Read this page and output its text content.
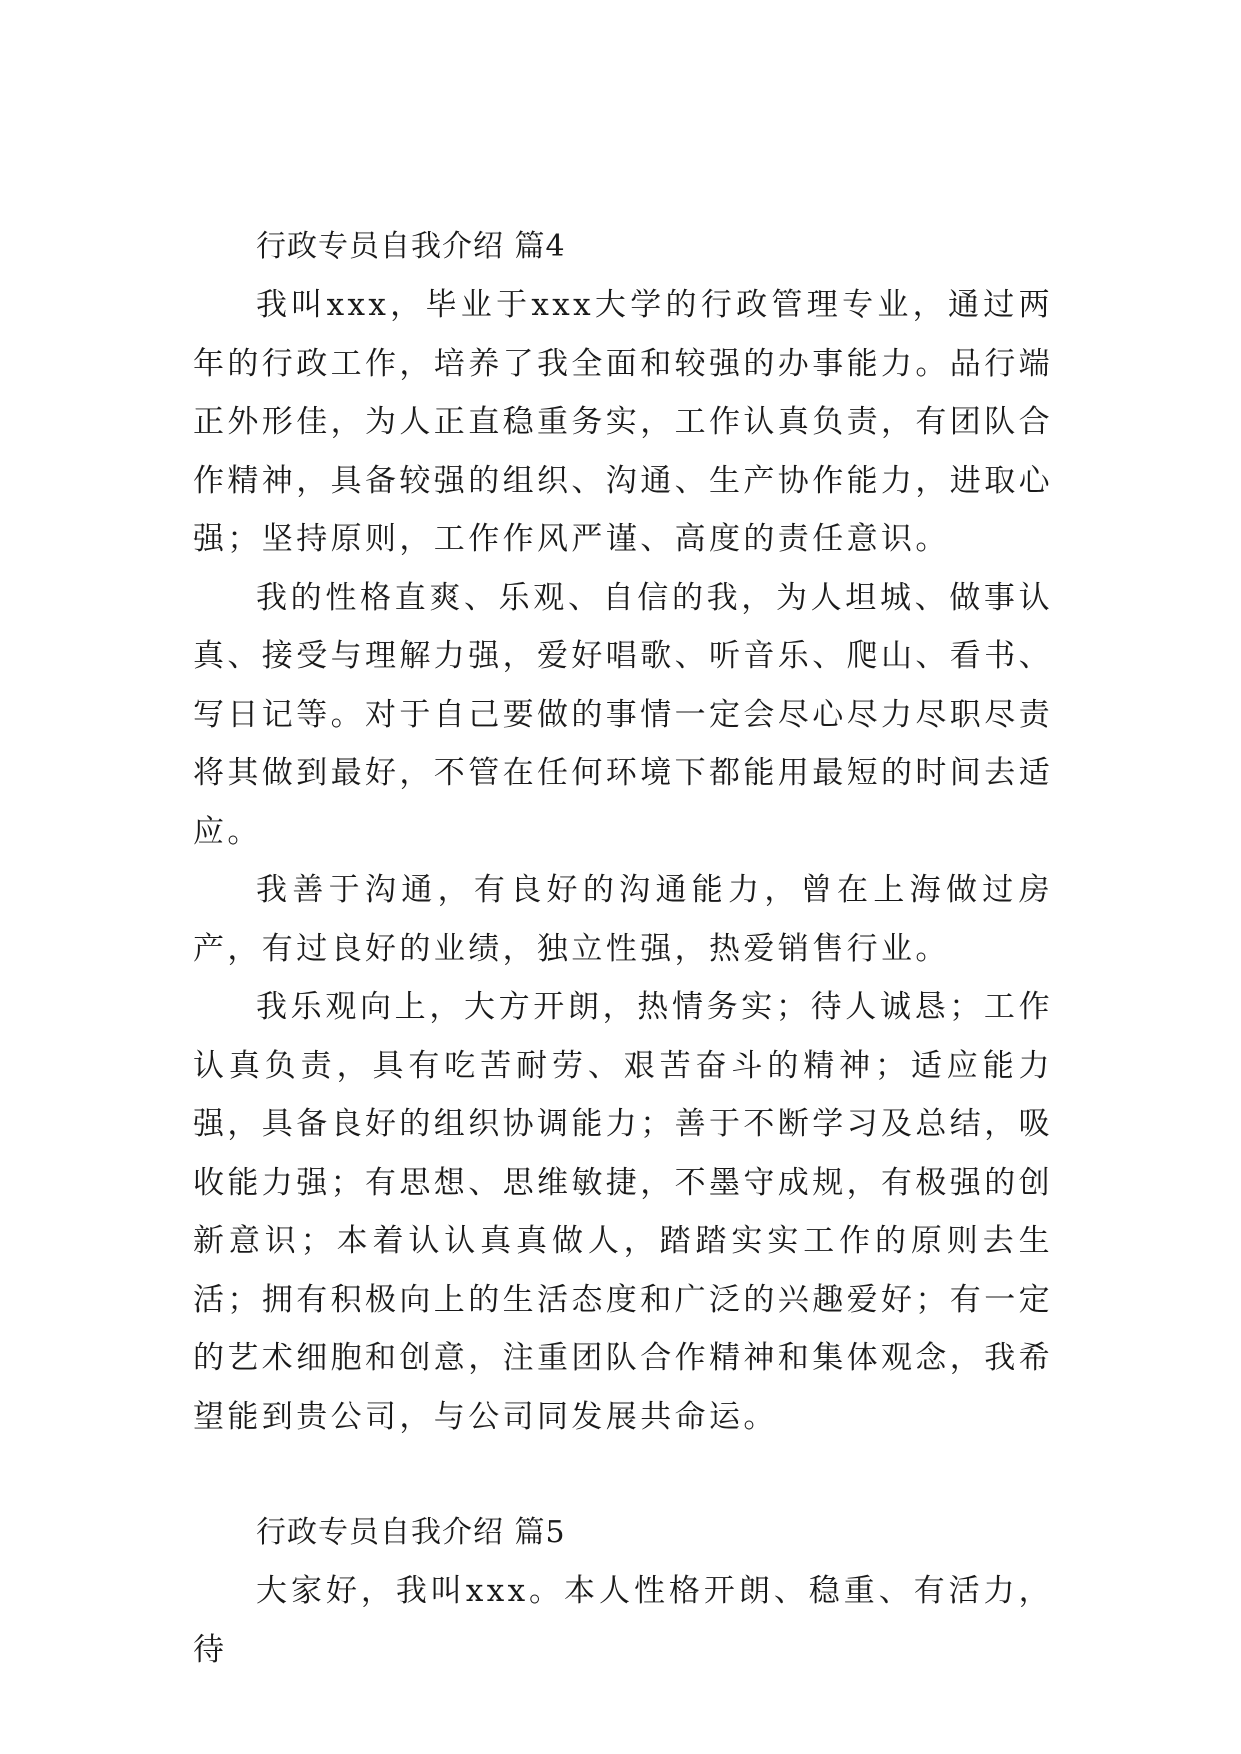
行政专员自我介绍 篇4

我叫xxx，毕业于xxx大学的行政管理专业，通过两年的行政工作，培养了我全面和较强的办事能力。品行端正外形佳，为人正直稳重务实，工作认真负责，有团队合作精神，具备较强的组织、沟通、生产协作能力，进取心强；坚持原则，工作作风严谨、高度的责任意识。

我的性格直爽、乐观、自信的我，为人坦城、做事认真、接受与理解力强，爱好唱歌、听音乐、爬山、看书、写日记等。对于自己要做的事情一定会尽心尽力尽职尽责将其做到最好，不管在任何环境下都能用最短的时间去适应。

我善于沟通，有良好的沟通能力，曾在上海做过房产，有过良好的业绩，独立性强，热爱销售行业。

我乐观向上，大方开朗，热情务实；待人诚恳；工作认真负责，具有吃苦耐劳、艰苦奋斗的精神；适应能力强，具备良好的组织协调能力；善于不断学习及总结，吸收能力强；有思想、思维敏捷，不墨守成规，有极强的创新意识；本着认认真真做人，踏踏实实工作的原则去生活；拥有积极向上的生活态度和广泛的兴趣爱好；有一定的艺术细胞和创意，注重团队合作精神和集体观念，我希望能到贵公司，与公司同发展共命运。

行政专员自我介绍 篇5

大家好，我叫xxx。本人性格开朗、稳重、有活力，待
